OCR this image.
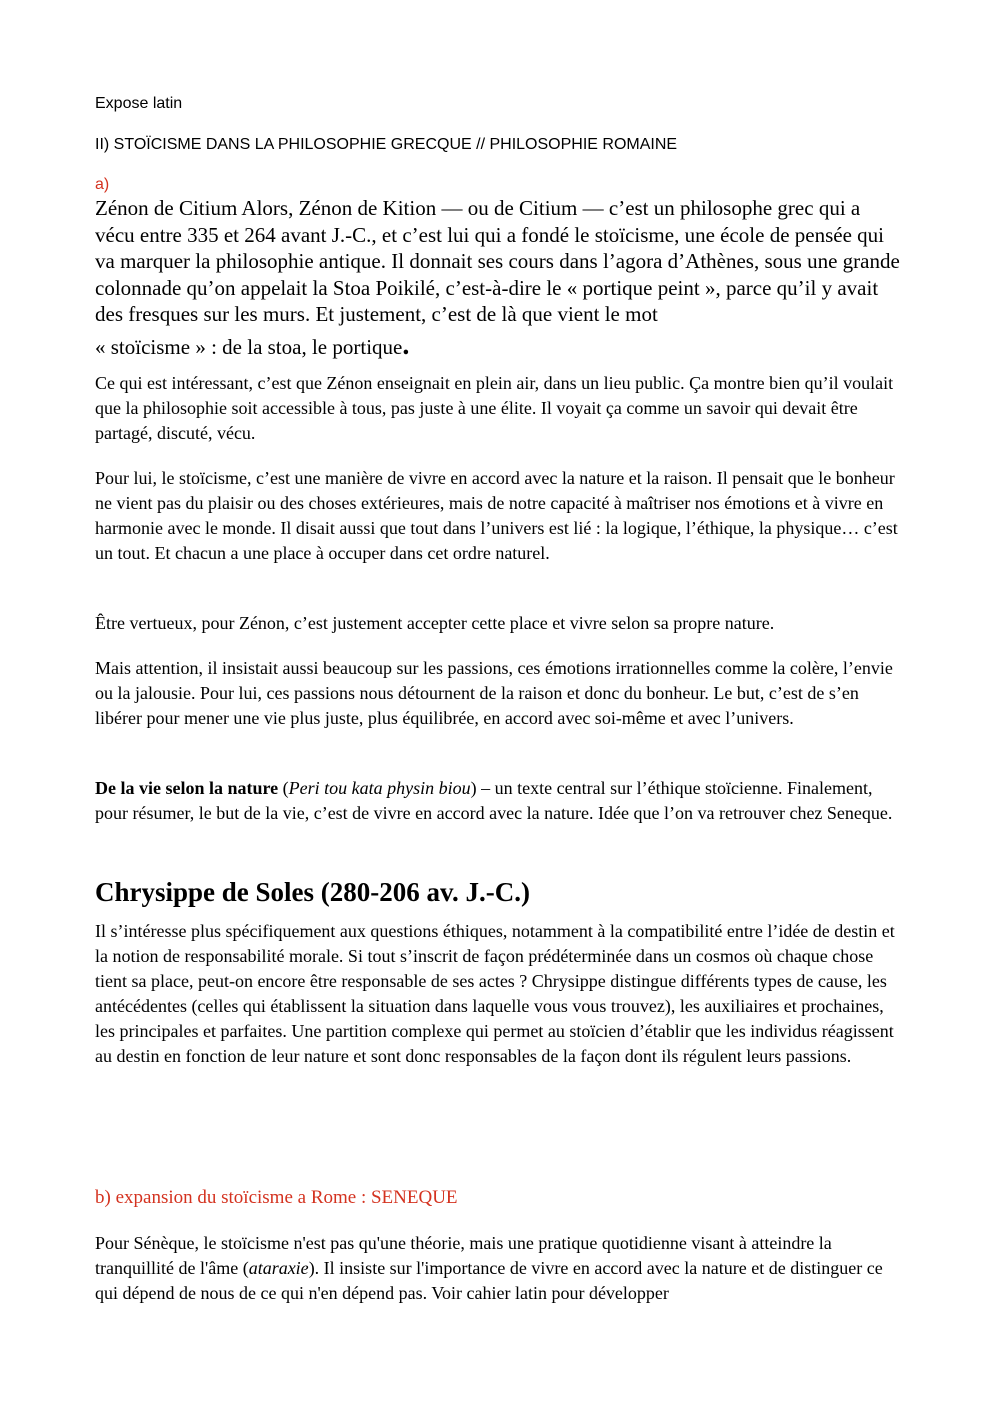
Expose latin

II) STOÏCISME DANS LA PHILOSOPHIE GRECQUE // PHILOSOPHIE ROMAINE

a)

Zénon de Citium Alors, Zénon de Kition — ou de Citium — c’est un philosophe grec qui a vécu entre 335 et 264 avant J.-C., et c’est lui qui a fondé le stoïcisme, une école de pensée qui va marquer la philosophie antique. Il donnait ses cours dans l’agora d’Athènes, sous une grande colonnade qu’on appelait la Stoa Poikilé, c’est-à-dire le « portique peint », parce qu’il y avait des fresques sur les murs. Et justement, c’est de là que vient le mot
« stoïcisme » : de la stoa, le portique.

Ce qui est intéressant, c’est que Zénon enseignait en plein air, dans un lieu public. Ça montre bien qu’il voulait que la philosophie soit accessible à tous, pas juste à une élite. Il voyait ça comme un savoir qui devait être partagé, discuté, vécu.

Pour lui, le stoïcisme, c’est une manière de vivre en accord avec la nature et la raison. Il pensait que le bonheur ne vient pas du plaisir ou des choses extérieures, mais de notre capacité à maîtriser nos émotions et à vivre en harmonie avec le monde. Il disait aussi que tout dans l’univers est lié : la logique, l’éthique, la physique… c’est un tout. Et chacun a une place à occuper dans cet ordre naturel.

Être vertueux, pour Zénon, c’est justement accepter cette place et vivre selon sa propre nature.

Mais attention, il insistait aussi beaucoup sur les passions, ces émotions irrationnelles comme la colère, l’envie ou la jalousie. Pour lui, ces passions nous détournent de la raison et donc du bonheur. Le but, c’est de s’en libérer pour mener une vie plus juste, plus équilibrée, en accord avec soi-même et avec l’univers.

De la vie selon la nature (Peri tou kata physin biou) – un texte central sur l’éthique stoïcienne. Finalement, pour résumer, le but de la vie, c’est de vivre en accord avec la nature. Idée que l’on va retrouver chez Seneque.

Chrysippe de Soles (280-206 av. J.-C.)

Il s’intéresse plus spécifiquement aux questions éthiques, notamment à la compatibilité entre l’idée de destin et la notion de responsabilité morale. Si tout s’inscrit de façon prédéterminée dans un cosmos où chaque chose tient sa place, peut-on encore être responsable de ses actes ? Chrysippe distingue différents types de cause, les antécédentes (celles qui établissent la situation dans laquelle vous vous trouvez), les auxiliaires et prochaines, les principales et parfaites. Une partition complexe qui permet au stoïcien d’établir que les individus réagissent au destin en fonction de leur nature et sont donc responsables de la façon dont ils régulent leurs passions.

b) expansion du stoïcisme a Rome : SENEQUE

Pour Sénèque, le stoïcisme n'est pas qu'une théorie, mais une pratique quotidienne visant à atteindre la tranquillité de l'âme (ataraxie). Il insiste sur l'importance de vivre en accord avec la nature et de distinguer ce qui dépend de nous de ce qui n'en dépend pas. Voir cahier latin pour développer
